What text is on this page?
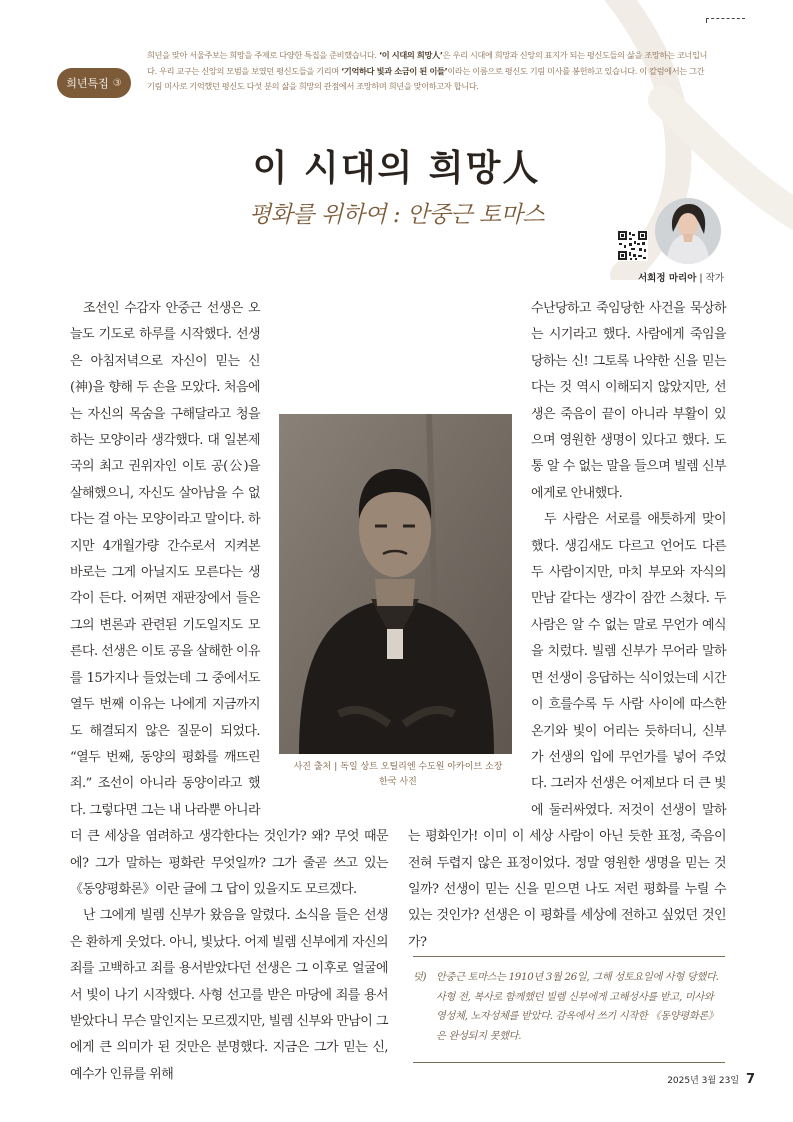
희년특집 ③
희년을 맞아 서울주보는 희망을 주제로 다양한 특집을 준비했습니다. ‘이 시대의 희망人’은 우리 시대에 희망과 신앙의 표지가 되는 평신도들의 삶을 조망하는 코너입니다. 우리 교구는 신앙의 모범을 보였던 평신도들을 기리며 ‘기억하다 빛과 소금이 된 이들’이라는 이름으로 평신도 기림 미사를 봉헌하고 있습니다. 이 칼럼에서는 그간 기림 미사로 기억했던 평신도 다섯 분의 삶을 희망의 관점에서 조망하며 희년을 맞이하고자 합니다.
이 시대의 희망人
평화를 위하여 : 안중근 토마스
서희정 마리아 | 작가

조선인 수감자 안중근 선생은 오늘도 기도로 하루를 시작했다. 선생은 아침저녁으로 자신이 믿는 신(神)을 향해 두 손을 모았다. 처음에는 자신의 목숨을 구해달라고 청을 하는 모양이라 생각했다. 대 일본제국의 최고 권위자인 이토 공(公)을 살해했으니, 자신도 살아남을 수 없다는 걸 아는 모양이라고 말이다. 하지만 4개월가량 간수로서 지켜본 바로는 그게 아닐지도 모른다는 생각이 든다. 어쩌면 재판장에서 들은 그의 변론과 관련된 기도일지도 모른다. 선생은 이토 공을 살해한 이유를 15가지나 들었는데 그 중에서도 열두 번째 이유는 나에게 지금까지도 해결되지 않은 질문이 되었다. “열두 번째, 동양의 평화를 깨뜨린 죄.” 조선이 아니라 동양이라고 했다. 그렇다면 그는 내 나라뿐 아니라 더 큰 세상을 염려하고 생각한다는 것인가? 왜? 무엇 때문에? 그가 말하는 평화란 무엇일까? 그가 줄곧 쓰고 있는 《동양평화론》이란 글에 그 답이 있을지도 모르겠다.

난 그에게 빌렘 신부가 왔음을 알렸다. 소식을 들은 선생은 환하게 웃었다. 아니, 빛났다. 어제 빌렘 신부에게 자신의 죄를 고백하고 죄를 용서받았다던 선생은 그 이후로 얼굴에서 빛이 나기 시작했다. 사형 선고를 받은 마당에 죄를 용서받았다니 무슨 말인지는 모르겠지만, 빌렘 신부와 만남이 그에게 큰 의미가 된 것만은 분명했다. 지금은 그가 믿는 신, 예수가 인류를 위해

수난당하고 죽임당한 사건을 묵상하는 시기라고 했다. 사람에게 죽임을 당하는 신! 그토록 나약한 신을 믿는다는 것 역시 이해되지 않았지만, 선생은 죽음이 끝이 아니라 부활이 있으며 영원한 생명이 있다고 했다. 도통 알 수 없는 말을 들으며 빌렘 신부에게로 안내했다.

두 사람은 서로를 애틋하게 맞이했다. 생김새도 다르고 언어도 다른 두 사람이지만, 마치 부모와 자식의 만남 같다는 생각이 잠깐 스쳤다. 두 사람은 알 수 없는 말로 무언가 예식을 치렀다. 빌렘 신부가 무어라 말하면 선생이 응답하는 식이었는데 시간이 흐를수록 두 사람 사이에 따스한 온기와 빛이 어리는 듯하더니, 신부가 선생의 입에 무언가를 넣어 주었다. 그러자 선생은 어제보다 더 큰 빛에 둘러싸였다. 저것이 선생이 말하는 평화인가! 이미 이 세상 사람이 아닌 듯한 표정, 죽음이 전혀 두렵지 않은 표정이었다. 정말 영원한 생명을 믿는 것일까? 선생이 믿는 신을 믿으면 나도 저런 평화를 누릴 수 있는 것인가? 선생은 이 평화를 세상에 전하고 싶었던 것인가?

사진 출처 | 독일 상트 오틸리엔 수도원 아카이브 소장
한국 사진
덧) 안중근 토마스는 1910년 3월 26일, 그해 성토요일에 사형 당했다. 사형 전, 복사로 함께했던 빌렘 신부에게 고해성사를 받고, 미사와 영성체, 노자성체를 받았다. 감옥에서 쓰기 시작한 《동양평화론》은 완성되지 못했다.
2025년 3월 23일 7
